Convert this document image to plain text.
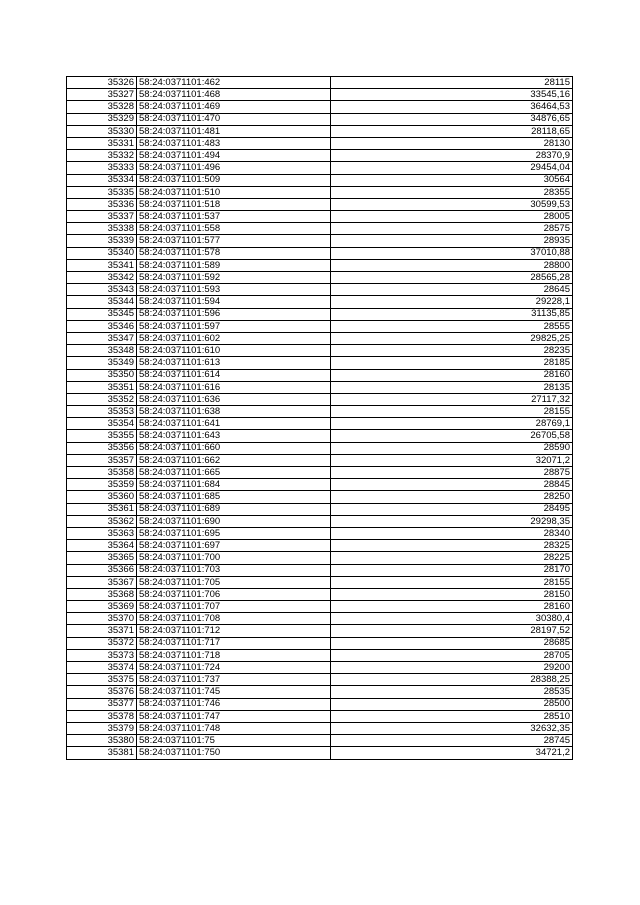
35326	58:24:0371101:462	28115
35327	58:24:0371101:468	33545,16
35328	58:24:0371101:469	36464,53
35329	58:24:0371101:470	34876,65
35330	58:24:0371101:481	28118,65
35331	58:24:0371101:483	28130
35332	58:24:0371101:494	28370,9
35333	58:24:0371101:496	29454,04
35334	58:24:0371101:509	30564
35335	58:24:0371101:510	28355
35336	58:24:0371101:518	30599,53
35337	58:24:0371101:537	28005
35338	58:24:0371101:558	28575
35339	58:24:0371101:577	28935
35340	58:24:0371101:578	37010,88
35341	58:24:0371101:589	28800
35342	58:24:0371101:592	28565,28
35343	58:24:0371101:593	28645
35344	58:24:0371101:594	29228,1
35345	58:24:0371101:596	31135,85
35346	58:24:0371101:597	28555
35347	58:24:0371101:602	29825,25
35348	58:24:0371101:610	28235
35349	58:24:0371101:613	28185
35350	58:24:0371101:614	28160
35351	58:24:0371101:616	28135
35352	58:24:0371101:636	27117,32
35353	58:24:0371101:638	28155
35354	58:24:0371101:641	28769,1
35355	58:24:0371101:643	26705,58
35356	58:24:0371101:660	28590
35357	58:24:0371101:662	32071,2
35358	58:24:0371101:665	28875
35359	58:24:0371101:684	28845
35360	58:24:0371101:685	28250
35361	58:24:0371101:689	28495
35362	58:24:0371101:690	29298,35
35363	58:24:0371101:695	28340
35364	58:24:0371101:697	28325
35365	58:24:0371101:700	28225
35366	58:24:0371101:703	28170
35367	58:24:0371101:705	28155
35368	58:24:0371101:706	28150
35369	58:24:0371101:707	28160
35370	58:24:0371101:708	30380,4
35371	58:24:0371101:712	28197,52
35372	58:24:0371101:717	28685
35373	58:24:0371101:718	28705
35374	58:24:0371101:724	29200
35375	58:24:0371101:737	28388,25
35376	58:24:0371101:745	28535
35377	58:24:0371101:746	28500
35378	58:24:0371101:747	28510
35379	58:24:0371101:748	32632,35
35380	58:24:0371101:75	28745
35381	58:24:0371101:750	34721,2
